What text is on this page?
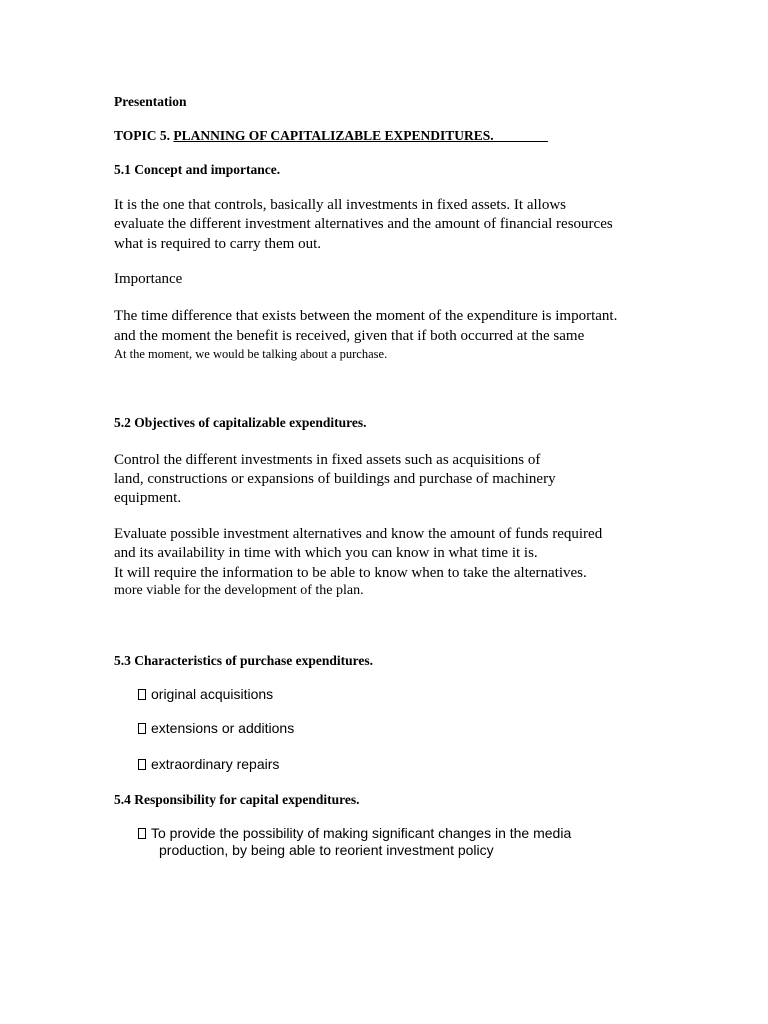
Presentation

TOPIC 5. PLANNING OF CAPITALIZABLE EXPENDITURES.________

5.1 Concept and importance.

It is the one that controls, basically all investments in fixed assets. It allows

evaluate the different investment alternatives and the amount of financial resources

what is required to carry them out.

Importance

The time difference that exists between the moment of the expenditure is important.

and the moment the benefit is received, given that if both occurred at the same

At the moment, we would be talking about a purchase.

5.2 Objectives of capitalizable expenditures.

Control the different investments in fixed assets such as acquisitions of

land, constructions or expansions of buildings and purchase of machinery

equipment.

Evaluate possible investment alternatives and know the amount of funds required

and its availability in time with which you can know in what time it is.

It will require the information to be able to know when to take the alternatives.

more viable for the development of the plan.

5.3 Characteristics of purchase expenditures.

original acquisitions

extensions or additions

extraordinary repairs

5.4 Responsibility for capital expenditures.

To provide the possibility of making significant changes in the media

production, by being able to reorient investment policy
